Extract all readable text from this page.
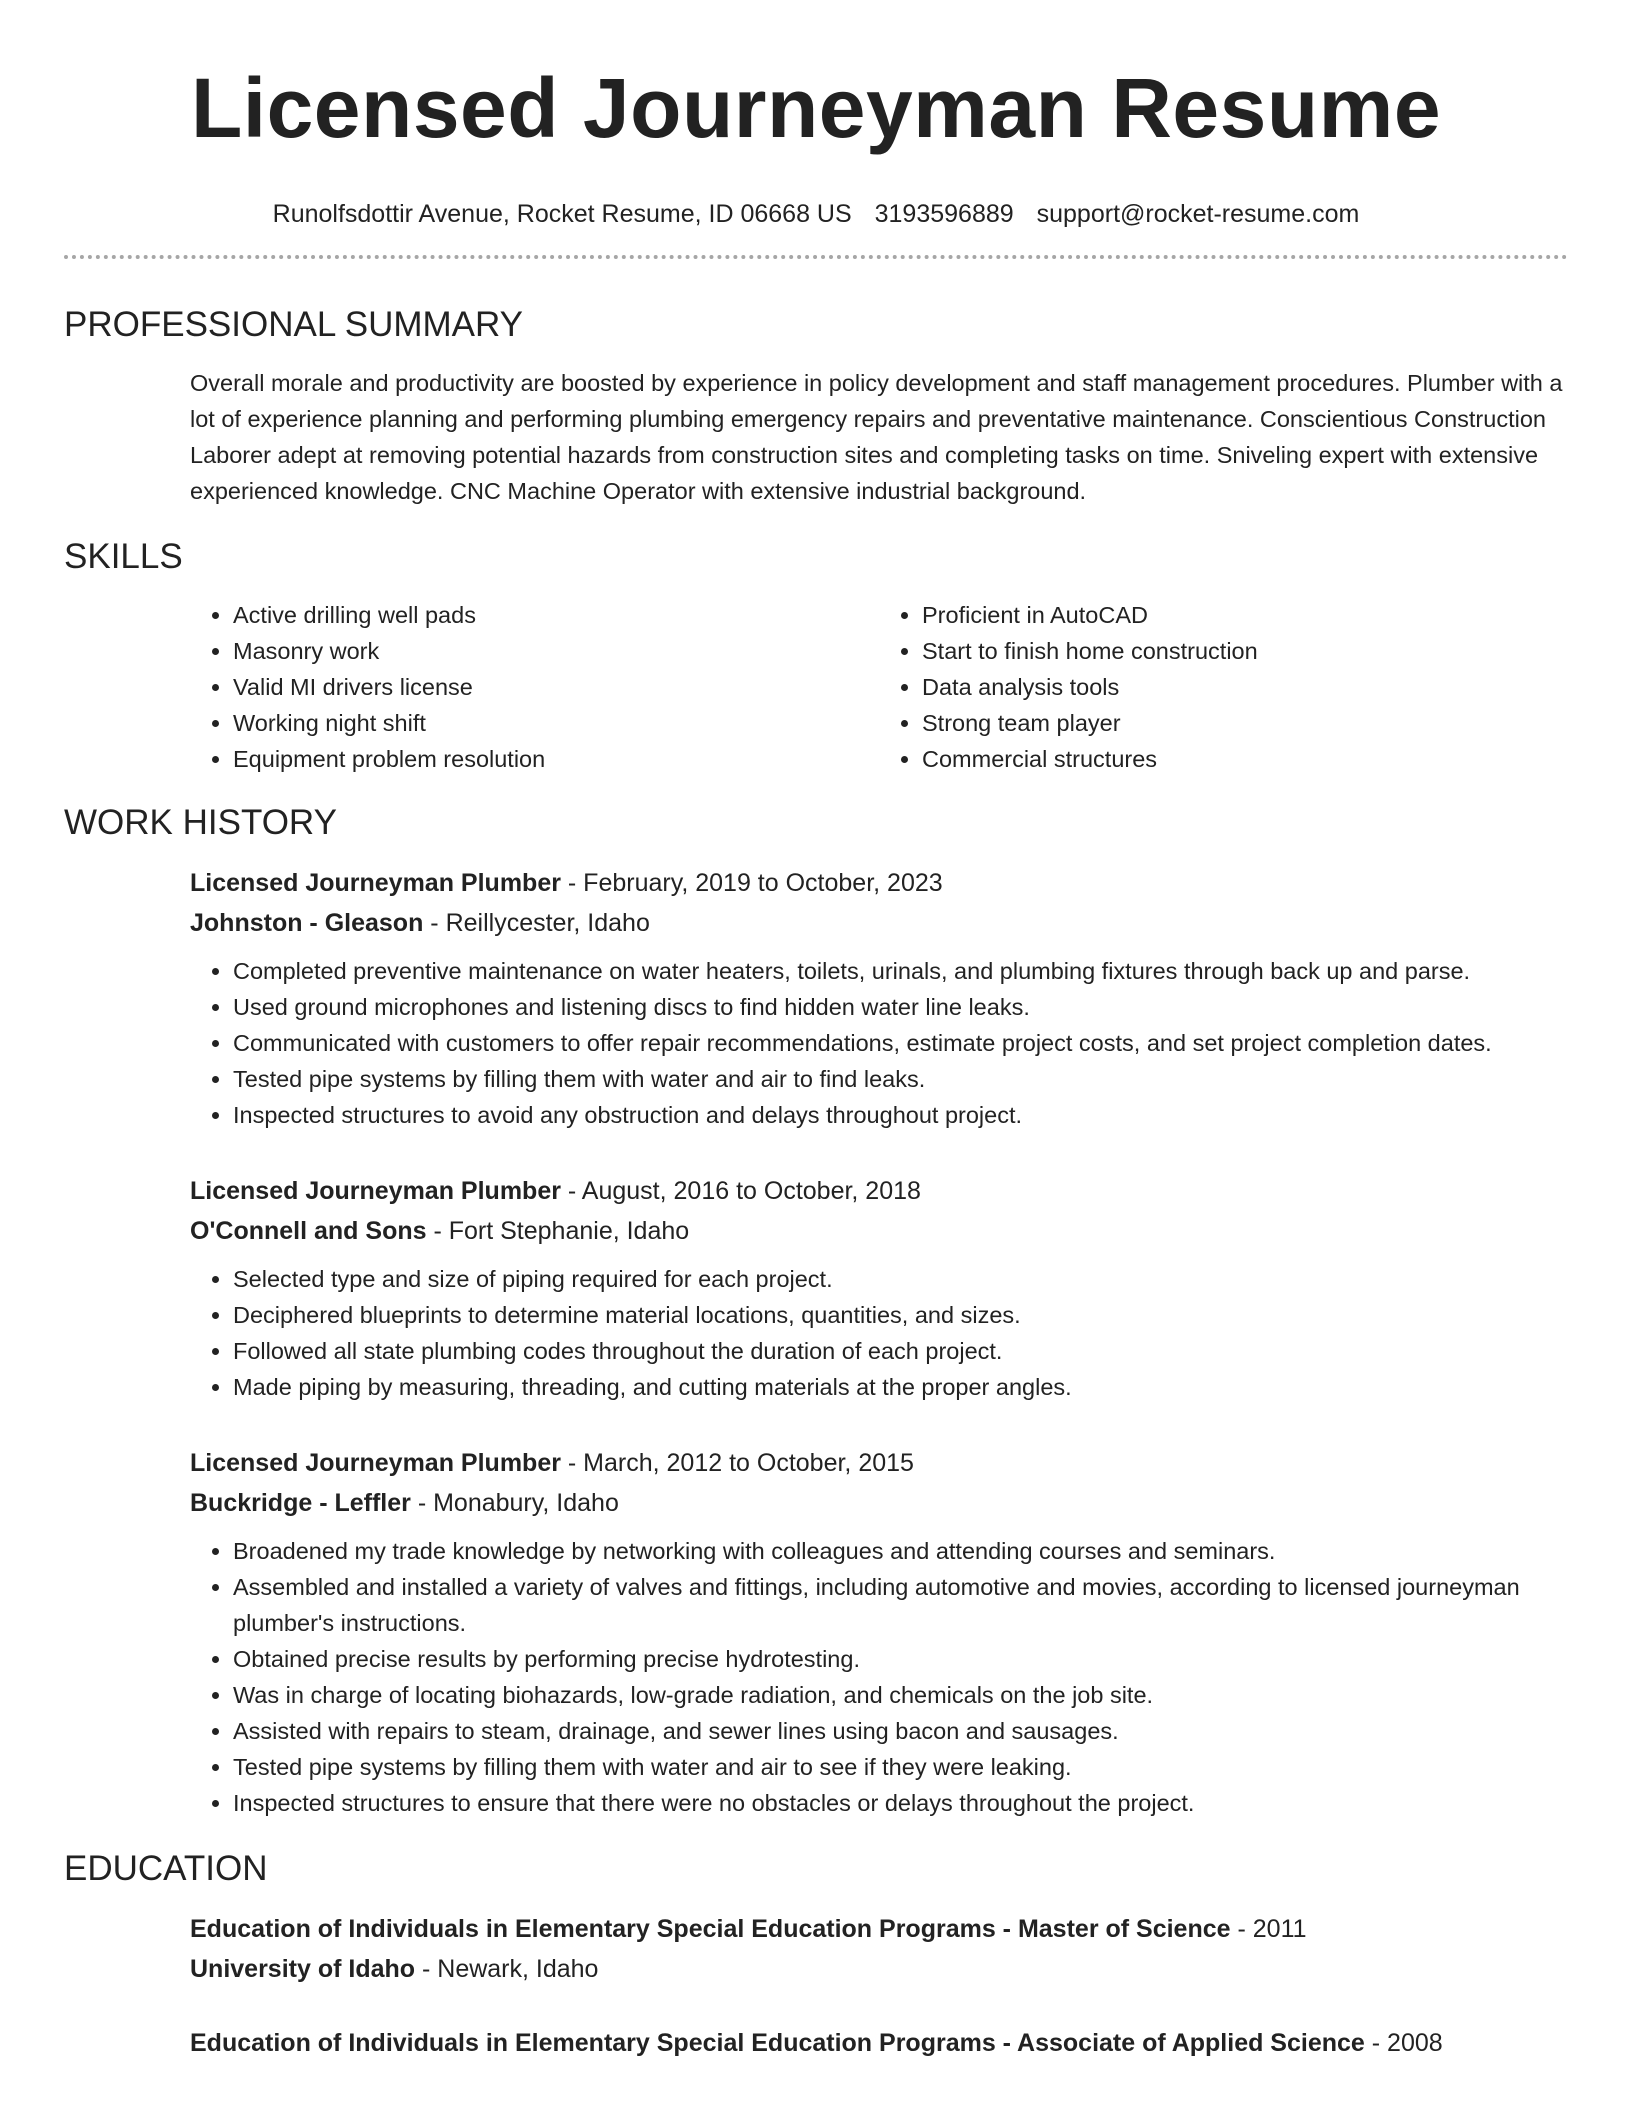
Licensed Journeyman Resume
Runolfsdottir Avenue, Rocket Resume, ID 06668 US 3193596889 support@rocket-resume.com
PROFESSIONAL SUMMARY
Overall morale and productivity are boosted by experience in policy development and staff management procedures. Plumber with a lot of experience planning and performing plumbing emergency repairs and preventative maintenance. Conscientious Construction Laborer adept at removing potential hazards from construction sites and completing tasks on time. Sniveling expert with extensive experienced knowledge. CNC Machine Operator with extensive industrial background.
SKILLS
• Active drilling well pads
• Masonry work
• Valid MI drivers license
• Working night shift
• Equipment problem resolution
• Proficient in AutoCAD
• Start to finish home construction
• Data analysis tools
• Strong team player
• Commercial structures
WORK HISTORY
Licensed Journeyman Plumber - February, 2019 to October, 2023
Johnston - Gleason - Reillycester, Idaho
• Completed preventive maintenance on water heaters, toilets, urinals, and plumbing fixtures through back up and parse.
• Used ground microphones and listening discs to find hidden water line leaks.
• Communicated with customers to offer repair recommendations, estimate project costs, and set project completion dates.
• Tested pipe systems by filling them with water and air to find leaks.
• Inspected structures to avoid any obstruction and delays throughout project.
Licensed Journeyman Plumber - August, 2016 to October, 2018
O'Connell and Sons - Fort Stephanie, Idaho
• Selected type and size of piping required for each project.
• Deciphered blueprints to determine material locations, quantities, and sizes.
• Followed all state plumbing codes throughout the duration of each project.
• Made piping by measuring, threading, and cutting materials at the proper angles.
Licensed Journeyman Plumber - March, 2012 to October, 2015
Buckridge - Leffler - Monabury, Idaho
• Broadened my trade knowledge by networking with colleagues and attending courses and seminars.
• Assembled and installed a variety of valves and fittings, including automotive and movies, according to licensed journeyman plumber's instructions.
• Obtained precise results by performing precise hydrotesting.
• Was in charge of locating biohazards, low-grade radiation, and chemicals on the job site.
• Assisted with repairs to steam, drainage, and sewer lines using bacon and sausages.
• Tested pipe systems by filling them with water and air to see if they were leaking.
• Inspected structures to ensure that there were no obstacles or delays throughout the project.
EDUCATION
Education of Individuals in Elementary Special Education Programs - Master of Science - 2011
University of Idaho - Newark, Idaho
Education of Individuals in Elementary Special Education Programs - Associate of Applied Science - 2008
